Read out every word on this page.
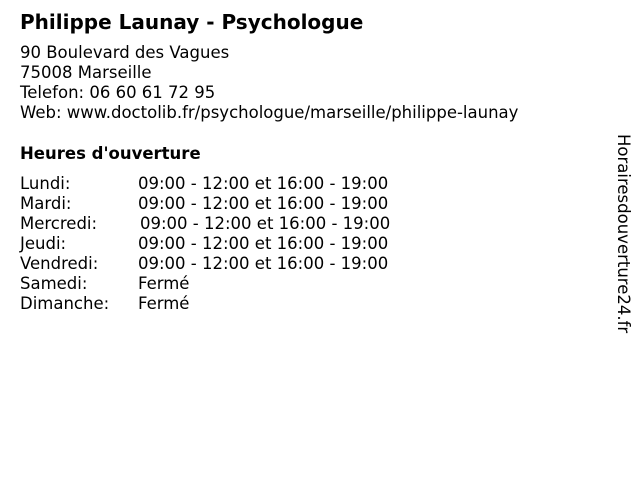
Philippe Launay - Psychologue
90 Boulevard des Vagues
75008 Marseille
Telefon: 06 60 61 72 95
Web: www.doctolib.fr/psychologue/marseille/philippe-launay
Heures d'ouverture
Lundi:	09:00 - 12:00 et 16:00 - 19:00
Mardi:	09:00 - 12:00 et 16:00 - 19:00
Mercredi:	09:00 - 12:00 et 16:00 - 19:00
Jeudi:	09:00 - 12:00 et 16:00 - 19:00
Vendredi: 09:00 - 12:00 et 16:00 - 19:00
Samedi:	Fermé
Dimanche: Fermé	Horairesdouverture24.fr
